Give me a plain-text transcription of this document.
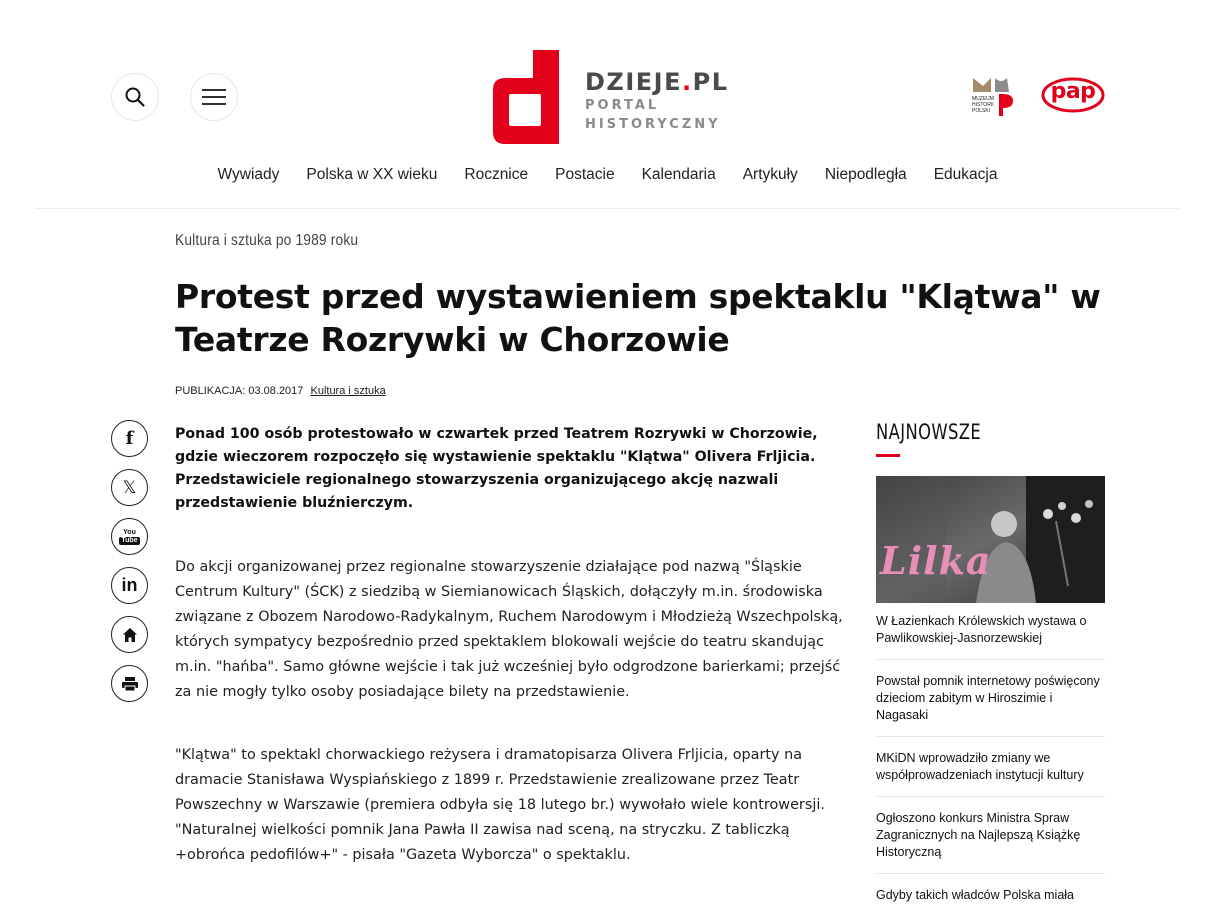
DZIEJE.PL
PORTAL
HISTORYCZNY
MUZEUM
HISTORII
POLSKI
pap
Wywiady Polska w XX wieku Rocznice Postacie Kalendaria Artykuły Niepodległa Edukacja
Kultura i sztuka po 1989 roku
Protest przed wystawieniem spektaklu "Klątwa" w Teatrze Rozrywki w Chorzowie
PUBLIKACJA: 03.08.2017 Kultura i sztuka
f
𝕏
You
Tube
in

Ponad 100 osób protestowało w czwartek przed Teatrem Rozrywki w Chorzowie, gdzie wieczorem rozpoczęło się wystawienie spektaklu "Klątwa" Olivera Frljicia. Przedstawiciele regionalnego stowarzyszenia organizującego akcję nazwali przedstawienie bluźnierczym.

Do akcji organizowanej przez regionalne stowarzyszenie działające pod nazwą "Śląskie Centrum Kultury" (ŚCK) z siedzibą w Siemianowicach Śląskich, dołączyły m.in. środowiska związane z Obozem Narodowo-Radykalnym, Ruchem Narodowym i Młodzieżą Wszechpolską, których sympatycy bezpośrednio przed spektaklem blokowali wejście do teatru skandując m.in. "hańba". Samo główne wejście i tak już wcześniej było odgrodzone barierkami; przejść za nie mogły tylko osoby posiadające bilety na przedstawienie.

"Klątwa" to spektakl chorwackiego reżysera i dramatopisarza Olivera Frljicia, oparty na dramacie Stanisława Wyspiańskiego z 1899 r. Przedstawienie zrealizowane przez Teatr Powszechny w Warszawie (premiera odbyła się 18 lutego br.) wywołało wiele kontrowersji. "Naturalnej wielkości pomnik Jana Pawła II zawisa nad sceną, na stryczku. Z tabliczką +obrońca pedofilów+" - pisała "Gazeta Wyborcza" o spektaklu.

NAJNOWSZE
Lilka
W Łazienkach Królewskich wystawa o Pawlikowskiej-Jasnorzewskiej
Powstał pomnik internetowy poświęcony dzieciom zabitym w Hiroszimie i Nagasaki
MKiDN wprowadziło zmiany we współprowadzeniach instytucji kultury
Ogłoszono konkurs Ministra Spraw Zagranicznych na Najlepszą Książkę Historyczną
Gdyby takich władców Polska miała
